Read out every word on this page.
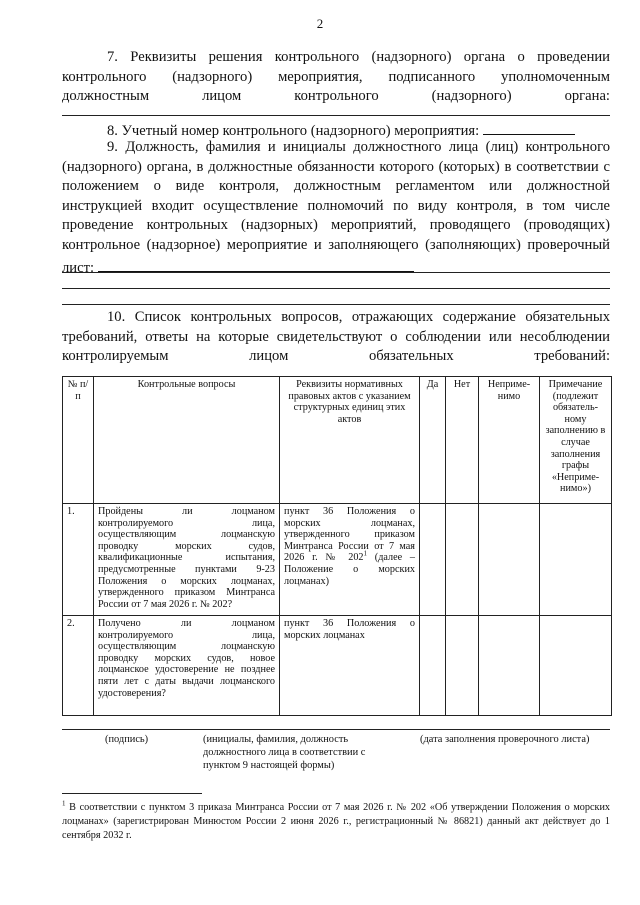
2
7. Реквизиты решения контрольного (надзорного) органа о проведении контрольного (надзорного) мероприятия, подписанного уполномоченным должностным лицом контрольного (надзорного) органа:
8. Учетный номер контрольного (надзорного) мероприятия:
9. Должность, фамилия и инициалы должностного лица (лиц) контрольного (надзорного) органа, в должностные обязанности которого (которых) в соответствии с положением о виде контроля, должностным регламентом или должностной инструкцией входит осуществление полномочий по виду контроля, в том числе проведение контрольных (надзорных) мероприятий, проводящего (проводящих) контрольное (надзорное) мероприятие и заполняющего (заполняющих) проверочный лист:
10. Список контрольных вопросов, отражающих содержание обязательных требований, ответы на которые свидетельствуют о соблюдении или несоблюдении контролируемым лицом обязательных требований:
№ п/п	Контрольные вопросы	Реквизиты нормативных правовых актов с указанием структурных единиц этих актов	Да	Нет	Неприме-нимо	Примечание (подлежит обязатель-ному заполнению в случае заполнения графы «Неприме-нимо»)
1.	Пройдены ли лоцманом контролируемого лица, осуществляющим лоцманскую проводку морских судов, квалификационные испытания, предусмотренные пунктами 9-23 Положения о морских лоцманах, утвержденного приказом Минтранса России от 7 мая 2026 г. № 202?	пункт 36 Положения о морских лоцманах, утвержденного приказом Минтранса России от 7 мая 2026 г. № $202^1$ (далее – Положение о морских лоцманах)				
2.	Получено ли лоцманом контролируемого лица, осуществляющим лоцманскую проводку морских судов, новое лоцманское удостоверение не позднее пяти лет с даты выдачи лоцманского удостоверения?	пункт 36 Положения о морских лоцманах				
(подпись)	(инициалы, фамилия, должность должностного лица в соответствии с пунктом 9 настоящей формы)
(дата заполнения проверочного листа)
$^1$ В соответствии с пунктом 3 приказа Минтранса России от 7 мая 2026 г. № 202 «Об утверждении Положения о морских лоцманах» (зарегистрирован Минюстом России 2 июня 2026 г., регистрационный № 86821) данный акт действует до 1 сентября 2032 г.
